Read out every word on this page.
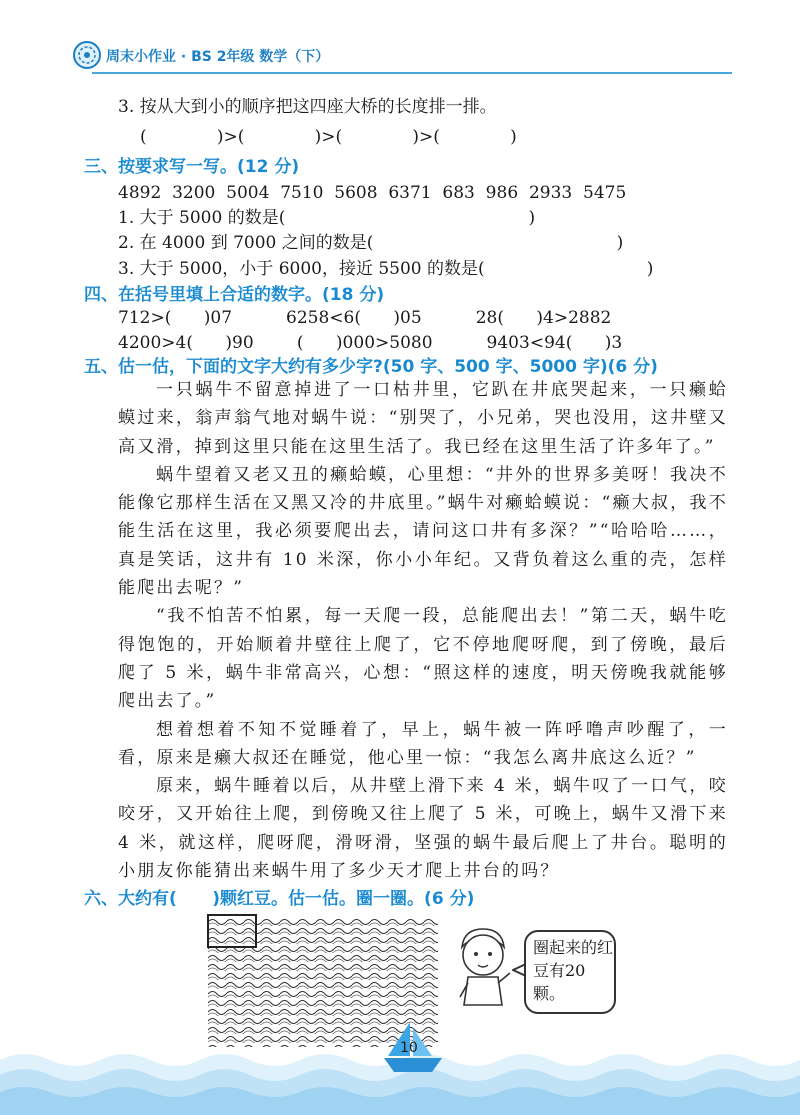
周末小作业 · BS 2年级 数学（下）
3. 按从大到小的顺序把这四座大桥的长度排一排。
(             )>(             )>(             )>(             )
三、按要求写一写。(12 分)
4892  3200  5004  7510  5608  6371  683  986  2933  5475
1. 大于 5000 的数是(                                             )
2. 在 4000 到 7000 之间的数是(                                             )
3. 大于 5000，小于 6000，接近 5500 的数是(                              )
四、在括号里填上合适的数字。(18 分)
712>(      )07          6258<6(      )05          28(      )4>2882
4200>4(      )90        (      )000>5080          9403<94(      )3
五、估一估，下面的文字大约有多少字?(50 字、500 字、5000 字)(6 分)

一只蜗牛不留意掉进了一口枯井里，它趴在井底哭起来，一只癞蛤蟆过来，翁声翁气地对蜗牛说：“别哭了，小兄弟，哭也没用，这井壁又高又滑，掉到这里只能在这里生活了。我已经在这里生活了许多年了。”

蜗牛望着又老又丑的癞蛤蟆，心里想：“井外的世界多美呀！我决不能像它那样生活在又黑又冷的井底里。”蜗牛对癞蛤蟆说：“癞大叔，我不能生活在这里，我必须要爬出去，请问这口井有多深？”“哈哈哈……，真是笑话，这井有 10 米深，你小小年纪。又背负着这么重的壳，怎样能爬出去呢？”

“我不怕苦不怕累，每一天爬一段，总能爬出去！”第二天，蜗牛吃得饱饱的，开始顺着井壁往上爬了，它不停地爬呀爬，到了傍晚，最后爬了 5 米，蜗牛非常高兴，心想：“照这样的速度，明天傍晚我就能够爬出去了。”

想着想着不知不觉睡着了，早上，蜗牛被一阵呼噜声吵醒了，一看，原来是癞大叔还在睡觉，他心里一惊：“我怎么离井底这么近？”

原来，蜗牛睡着以后，从井壁上滑下来 4 米，蜗牛叹了一口气，咬咬牙，又开始往上爬，到傍晚又往上爬了 5 米，可晚上，蜗牛又滑下来 4 米，就这样，爬呀爬，滑呀滑，坚强的蜗牛最后爬上了井台。聪明的小朋友你能猜出来蜗牛用了多少天才爬上井台的吗？

六、大约有(      )颗红豆。估一估。圈一圈。(6 分)
圈起来的红豆有20颗。
10
